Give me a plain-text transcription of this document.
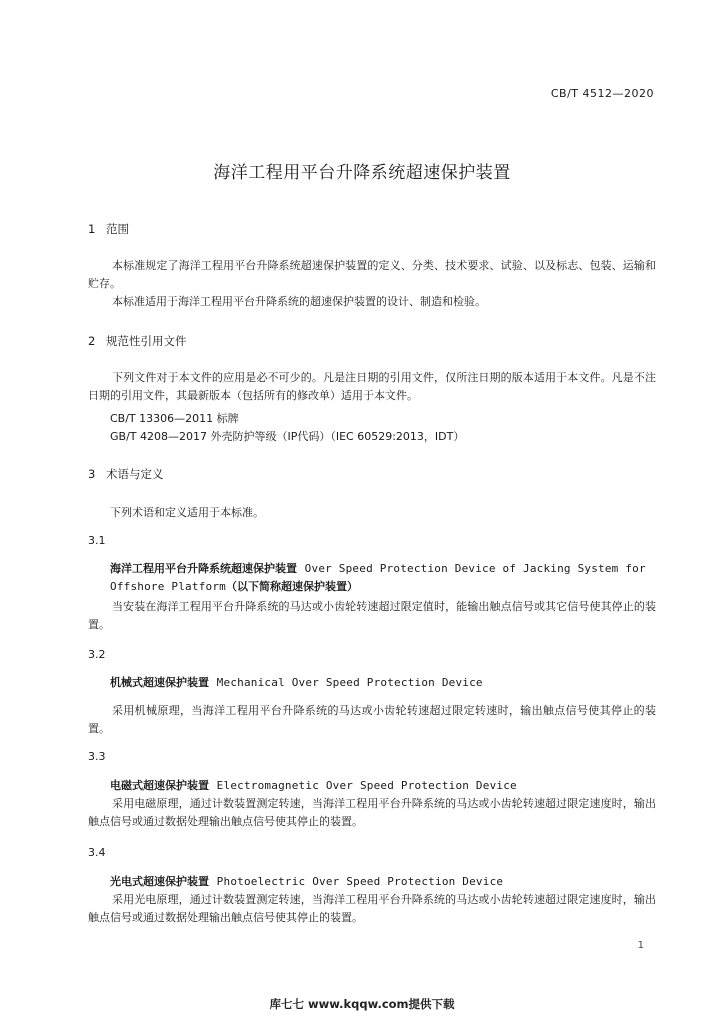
CB/T 4512—2020
海洋工程用平台升降系统超速保护装置
1 范围
本标准规定了海洋工程用平台升降系统超速保护装置的定义、分类、技术要求、试验、以及标志、包装、运输和贮存。
本标准适用于海洋工程用平台升降系统的超速保护装置的设计、制造和检验。
2 规范性引用文件
下列文件对于本文件的应用是必不可少的。凡是注日期的引用文件，仅所注日期的版本适用于本文件。凡是不注日期的引用文件，其最新版本（包括所有的修改单）适用于本文件。
CB/T 13306—2011 标牌
GB/T 4208—2017 外壳防护等级（IP代码）（IEC 60529:2013，IDT）
3 术语与定义
下列术语和定义适用于本标准。
3.1
海洋工程用平台升降系统超速保护装置 Over Speed Protection Device of Jacking System for Offshore Platform（以下简称超速保护装置）
当安装在海洋工程用平台升降系统的马达或小齿轮转速超过限定值时，能输出触点信号或其它信号使其停止的装置。
3.2
机械式超速保护装置 Mechanical Over Speed Protection Device
采用机械原理，当海洋工程用平台升降系统的马达或小齿轮转速超过限定转速时，输出触点信号使其停止的装置。
3.3
电磁式超速保护装置 Electromagnetic Over Speed Protection Device
采用电磁原理，通过计数装置测定转速，当海洋工程用平台升降系统的马达或小齿轮转速超过限定速度时，输出触点信号或通过数据处理输出触点信号使其停止的装置。
3.4
光电式超速保护装置 Photoelectric Over Speed Protection Device
采用光电原理，通过计数装置测定转速，当海洋工程用平台升降系统的马达或小齿轮转速超过限定速度时，输出触点信号或通过数据处理输出触点信号使其停止的装置。
1
库七七 www.kqqw.com提供下载
